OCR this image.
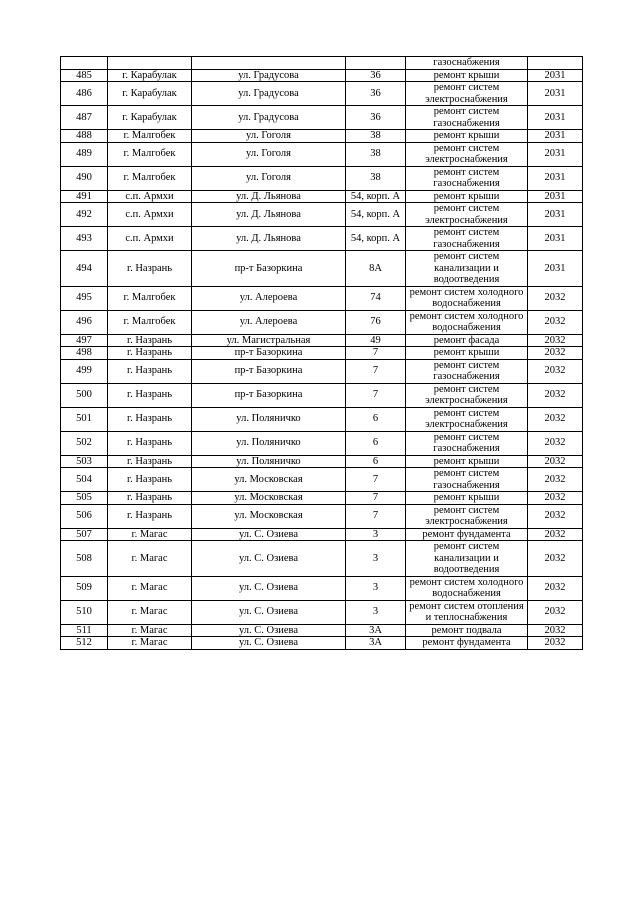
				газоснабжения	
485	г. Карабулак	ул. Градусова	36	ремонт крыши	2031
486	г. Карабулак	ул. Градусова	36	ремонт систем электроснабжения	2031
487	г. Карабулак	ул. Градусова	36	ремонт систем газоснабжения	2031
488	г. Малгобек	ул. Гоголя	38	ремонт крыши	2031
489	г. Малгобек	ул. Гоголя	38	ремонт систем электроснабжения	2031
490	г. Малгобек	ул. Гоголя	38	ремонт систем газоснабжения	2031
491	с.п. Армхи	ул. Д. Льянова	54, корп. А	ремонт крыши	2031
492	с.п. Армхи	ул. Д. Льянова	54, корп. А	ремонт систем электроснабжения	2031
493	с.п. Армхи	ул. Д. Льянова	54, корп. А	ремонт систем газоснабжения	2031
494	г. Назрань	пр-т Базоркина	8А	ремонт систем канализации и водоотведения	2031
495	г. Малгобек	ул. Алероева	74	ремонт систем холодного водоснабжения	2032
496	г. Малгобек	ул. Алероева	76	ремонт систем холодного водоснабжения	2032
497	г. Назрань	ул. Магистральная	49	ремонт фасада	2032
498	г. Назрань	пр-т Базоркина	7	ремонт крыши	2032
499	г. Назрань	пр-т Базоркина	7	ремонт систем газоснабжения	2032
500	г. Назрань	пр-т Базоркина	7	ремонт систем электроснабжения	2032
501	г. Назрань	ул. Поляничко	6	ремонт систем электроснабжения	2032
502	г. Назрань	ул. Поляничко	6	ремонт систем газоснабжения	2032
503	г. Назрань	ул. Поляничко	6	ремонт крыши	2032
504	г. Назрань	ул. Московская	7	ремонт систем газоснабжения	2032
505	г. Назрань	ул. Московская	7	ремонт крыши	2032
506	г. Назрань	ул. Московская	7	ремонт систем электроснабжения	2032
507	г. Магас	ул. С. Озиева	3	ремонт фундамента	2032
508	г. Магас	ул. С. Озиева	3	ремонт систем канализации и водоотведения	2032
509	г. Магас	ул. С. Озиева	3	ремонт систем холодного водоснабжения	2032
510	г. Магас	ул. С. Озиева	3	ремонт систем отопления и теплоснабжения	2032
511	г. Магас	ул. С. Озиева	3А	ремонт подвала	2032
512	г. Магас	ул. С. Озиева	3А	ремонт фундамента	2032
